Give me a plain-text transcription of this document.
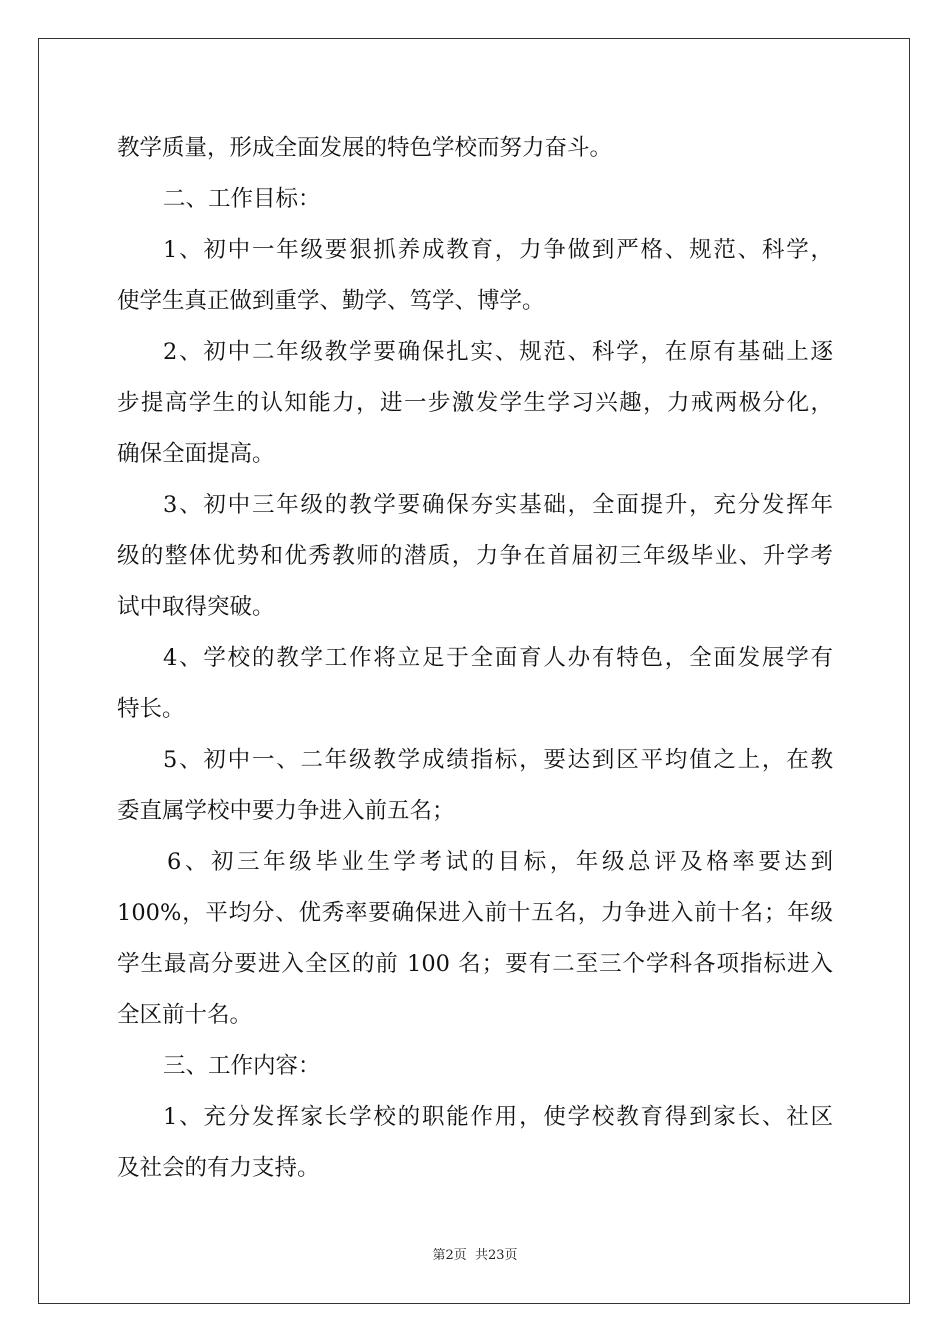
教学质量，形成全面发展的特色学校而努力奋斗。
二、工作目标：
1、初中一年级要狠抓养成教育，力争做到严格、规范、科学，
使学生真正做到重学、勤学、笃学、博学。
2、初中二年级教学要确保扎实、规范、科学，在原有基础上逐
步提高学生的认知能力，进一步激发学生学习兴趣，力戒两极分化，
确保全面提高。
3、初中三年级的教学要确保夯实基础，全面提升，充分发挥年
级的整体优势和优秀教师的潜质，力争在首届初三年级毕业、升学考
试中取得突破。
4、学校的教学工作将立足于全面育人办有特色，全面发展学有
特长。
5、初中一、二年级教学成绩指标，要达到区平均值之上，在教
委直属学校中要力争进入前五名；
6、初三年级毕业生学考试的目标，年级总评及格率要达到
100%，平均分、优秀率要确保进入前十五名，力争进入前十名；年级
学生最高分要进入全区的前 100 名；要有二至三个学科各项指标进入
全区前十名。
三、工作内容：
1、充分发挥家长学校的职能作用，使学校教育得到家长、社区
及社会的有力支持。
第2页 共23页
